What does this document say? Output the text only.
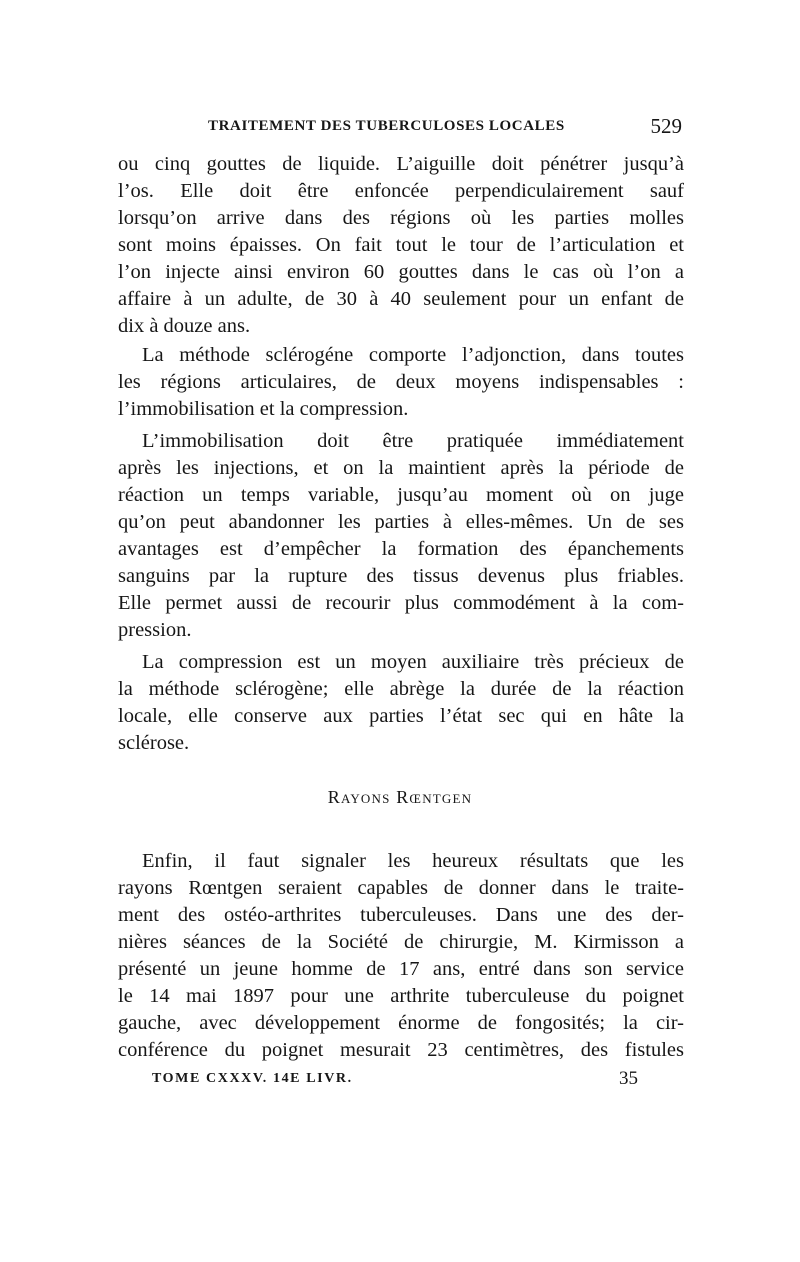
TRAITEMENT DES TUBERCULOSES LOCALES	529
ou cinq gouttes de liquide. L’aiguille doit pénétrer jusqu’à
l’os. Elle doit être enfoncée perpendiculairement sauf
lorsqu’on arrive dans des régions où les parties molles
sont moins épaisses. On fait tout le tour de l’articulation et
l’on injecte ainsi environ 60 gouttes dans le cas où l’on a
affaire à un adulte, de 30 à 40 seulement pour un enfant de
dix à douze ans.
La méthode sclérogéne comporte l’adjonction, dans toutes
les régions articulaires, de deux moyens indispensables :
l’immobilisation et la compression.
L’immobilisation doit être pratiquée immédiatement
après les injections, et on la maintient après la période de
réaction un temps variable, jusqu’au moment où on juge
qu’on peut abandonner les parties à elles-mêmes. Un de ses
avantages est d’empêcher la formation des épanchements
sanguins par la rupture des tissus devenus plus friables.
Elle permet aussi de recourir plus commodément à la com-
pression.
La compression est un moyen auxiliaire très précieux de
la méthode sclérogène; elle abrège la durée de la réaction
locale, elle conserve aux parties l’état sec qui en hâte la
sclérose.
Rayons Rœntgen
Enfin, il faut signaler les heureux résultats que les
rayons Rœntgen seraient capables de donner dans le traite-
ment des ostéo-arthrites tuberculeuses. Dans une des der-
nières séances de la Société de chirurgie, M. Kirmisson a
présenté un jeune homme de 17 ans, entré dans son service
le 14 mai 1897 pour une arthrite tuberculeuse du poignet
gauche, avec développement énorme de fongosités; la cir-
conférence du poignet mesurait 23 centimètres, des fistules
TOME CXXXV. 14E LIVR.	35
